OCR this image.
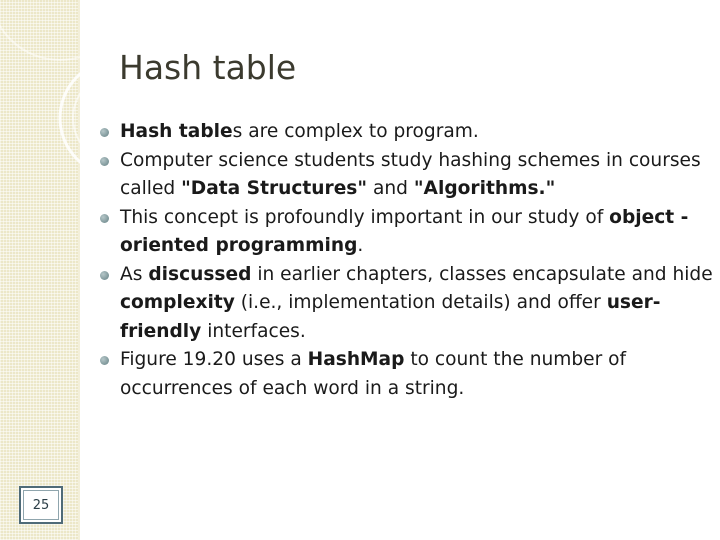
Hash table
Hash tables are complex to program.
Computer science students study hashing schemes in courses called "Data Structures" and "Algorithms."
This concept is profoundly important in our study of object -oriented programming.
As discussed in earlier chapters, classes encapsulate and hide complexity (i.e., implementation details) and offer user-friendly interfaces.
Figure 19.20 uses a HashMap to count the number of occurrences of each word in a string.
25
